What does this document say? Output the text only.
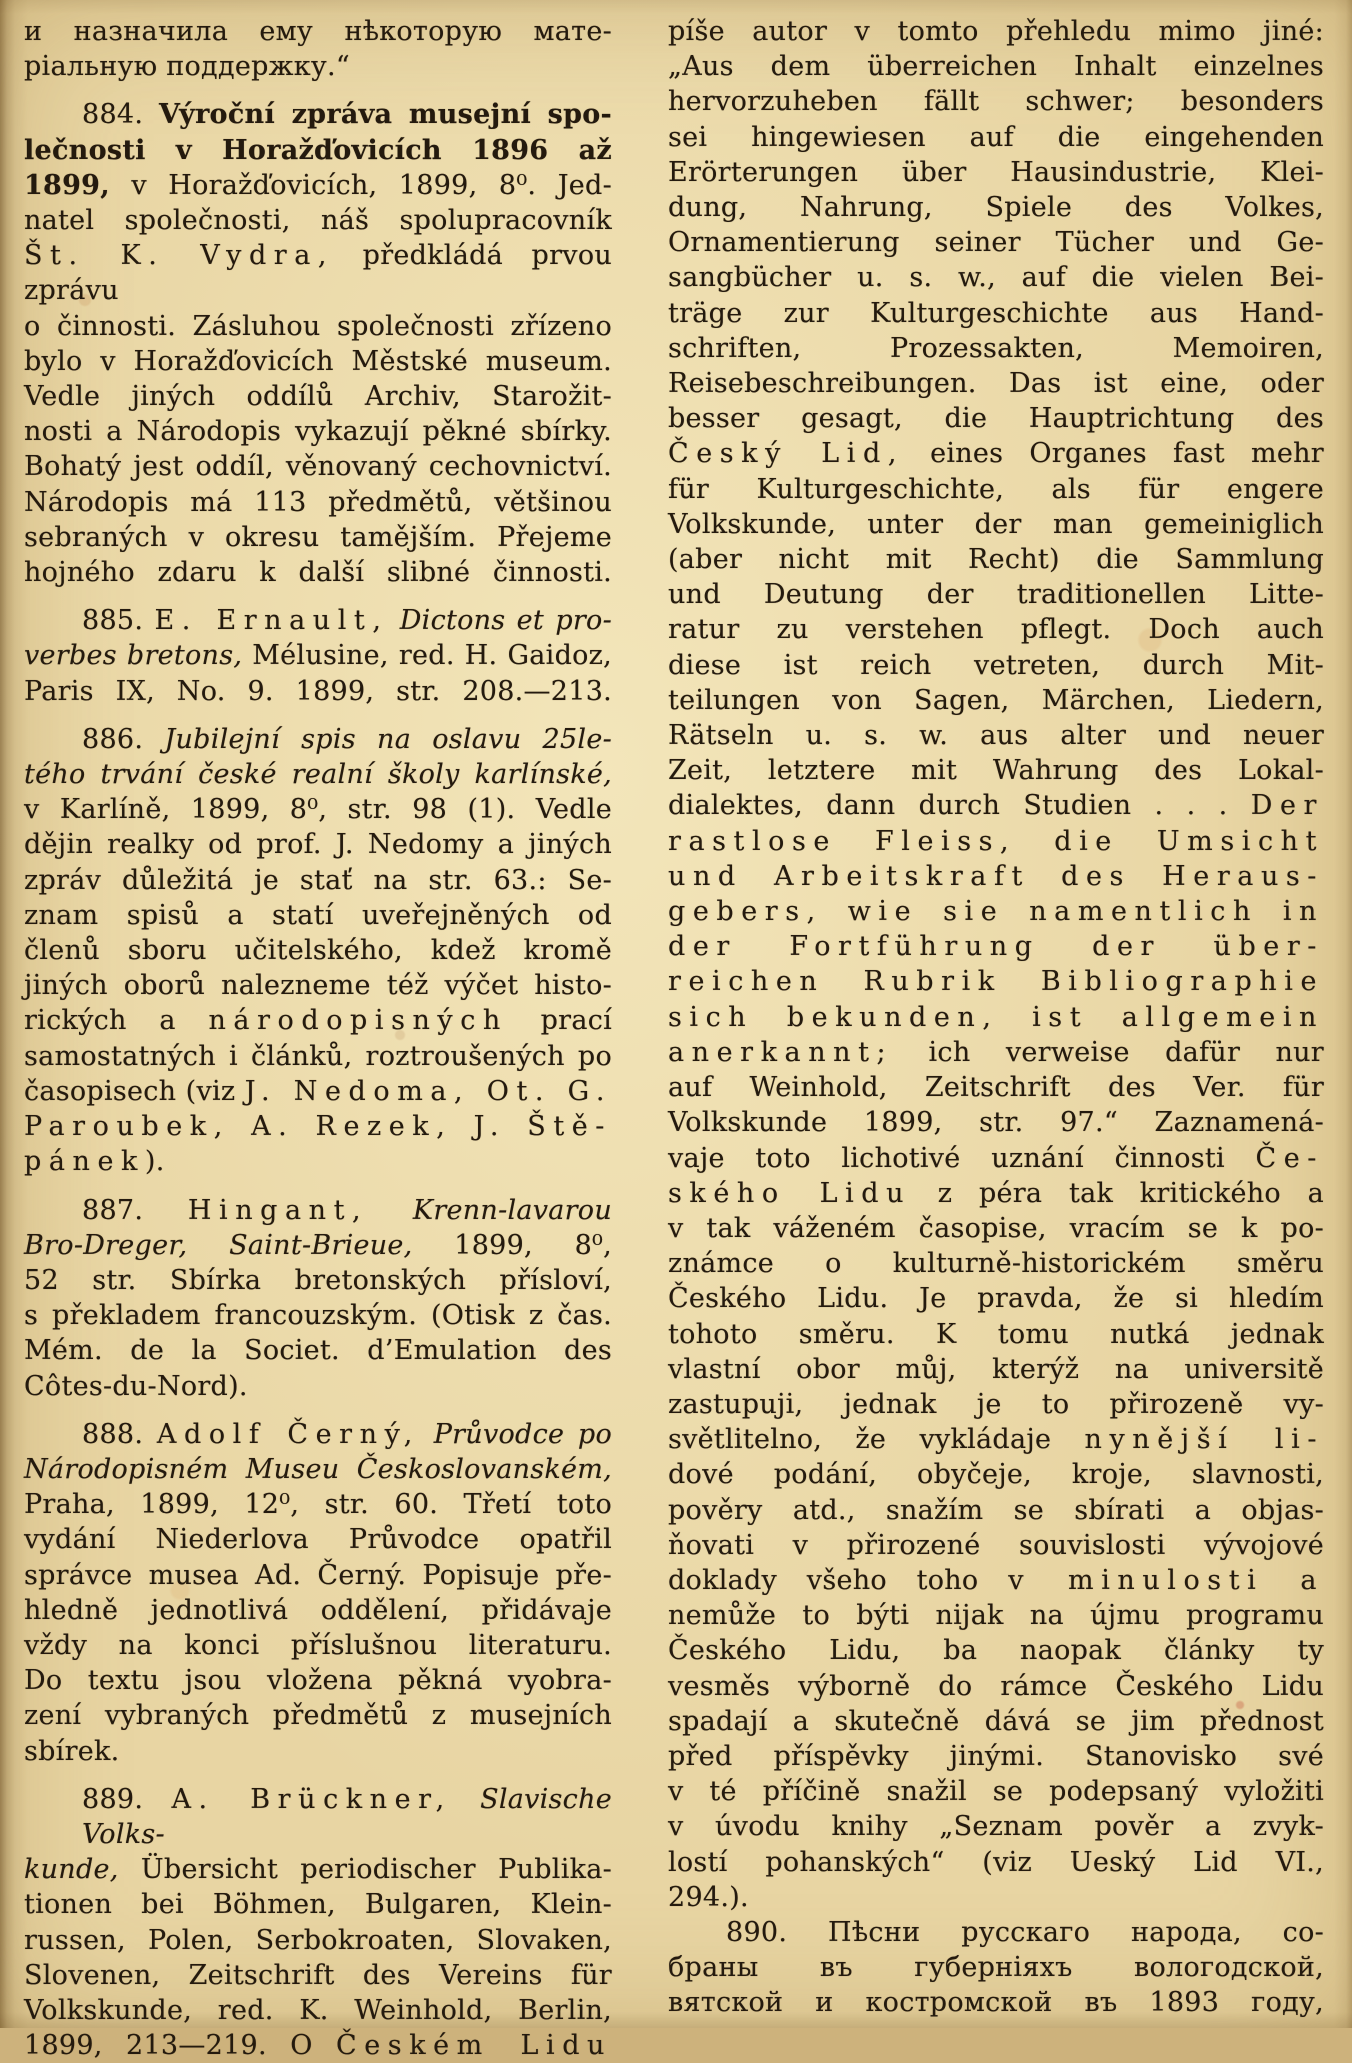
и назначила ему нѣкоторую мате-
ріальную поддержку.“
884. Výroční zpráva musejní spo-
lečnosti v Horažďovicích 1896 až
1899, v Horažďovicích, 1899, 8⁰. Jed-
natel společnosti, náš spolupracovník
Št. K. Vydra, předkládá prvou zprávu
o činnosti. Zásluhou společnosti zřízeno
bylo v Horažďovicích Městské museum.
Vedle jiných oddílů Archiv, Starožit-
nosti a Národopis vykazují pěkné sbírky.
Bohatý jest oddíl, věnovaný cechovnictví.
Národopis má 113 předmětů, většinou
sebraných v okresu tamějším. Přejeme
hojného zdaru k další slibné činnosti.
885. E. Ernault, Dictons et pro-
verbes bretons, Mélusine, red. H. Gaidoz,
Paris IX, No. 9. 1899, str. 208.—213.
886. Jubilejní spis na oslavu 25le-
tého trvání české realní školy karlínské,
v Karlíně, 1899, 8⁰, str. 98 (1). Vedle
dějin realky od prof. J. Nedomy a jiných
zpráv důležitá je stať na str. 63.: Se-
znam spisů a statí uveřejněných od
členů sboru učitelského, kdež kromě
jiných oborů nalezneme též výčet histo-
rických a národopisných prací
samostatných i článků, roztroušených po
časopisech (viz J. Nedoma, Ot. G.
Paroubek, A. Rezek, J. Ště-
pánek).
887. Hingant, Krenn-lavarou
Bro-Dreger, Saint-Brieue, 1899, 8⁰,
52 str. Sbírka bretonských přísloví,
s překladem francouzským. (Otisk z čas.
Mém. de la Societ. d’Emulation des
Côtes-du-Nord).
888. Adolf Černý, Průvodce po
Národopisném Museu Českoslovanském,
Praha, 1899, 12⁰, str. 60. Třetí toto
vydání Niederlova Průvodce opatřil
správce musea Ad. Černý. Popisuje pře-
hledně jednotlivá oddělení, přidávaje
vždy na konci příslušnou literaturu.
Do textu jsou vložena pěkná vyobra-
zení vybraných předmětů z musejních
sbírek.
889. A. Brückner, Slavische Volks-
kunde, Übersicht periodischer Publika-
tionen bei Böhmen, Bulgaren, Klein-
russen, Polen, Serbokroaten, Slovaken,
Slovenen, Zeitschrift des Vereins für
Volkskunde, red. K. Weinhold, Berlin,
1899, 213—219. O Českém Lidu
píše autor v tomto přehledu mimo jiné:
„Aus dem überreichen Inhalt einzelnes
hervorzuheben fällt schwer; besonders
sei hingewiesen auf die eingehenden
Erörterungen über Hausindustrie, Klei-
dung, Nahrung, Spiele des Volkes,
Ornamentierung seiner Tücher und Ge-
sangbücher u. s. w., auf die vielen Bei-
träge zur Kulturgeschichte aus Hand-
schriften, Prozessakten, Memoiren,
Reisebeschreibungen. Das ist eine, oder
besser gesagt, die Hauptrichtung des
Český Lid, eines Organes fast mehr
für Kulturgeschichte, als für engere
Volkskunde, unter der man gemeiniglich
(aber nicht mit Recht) die Sammlung
und Deutung der traditionellen Litte-
ratur zu verstehen pflegt. Doch auch
diese ist reich vetreten, durch Mit-
teilungen von Sagen, Märchen, Liedern,
Rätseln u. s. w. aus alter und neuer
Zeit, letztere mit Wahrung des Lokal-
dialektes, dann durch Studien . . . Der
rastlose Fleiss, die Umsicht
und Arbeitskraft des Heraus-
gebers, wie sie namentlich in
der Fortführung der über-
reichen Rubrik Bibliographie
sich bekunden, ist allgemein
anerkannt; ich verweise dafür nur
auf Weinhold, Zeitschrift des Ver. für
Volkskunde 1899, str. 97.“ Zaznamená-
vaje toto lichotivé uznání činnosti Če-
ského Lidu z péra tak kritického a
v tak váženém časopise, vracím se k po-
známce o kulturně-historickém směru
Českého Lidu. Je pravda, že si hledím
tohoto směru. K tomu nutká jednak
vlastní obor můj, kterýž na universitě
zastupuji, jednak je to přirozeně vy-
světlitelno, že vykládaje nynější li-
dové podání, obyčeje, kroje, slavnosti,
pověry atd., snažím se sbírati a objas-
ňovati v přirozené souvislosti vývojové
doklady všeho toho v minulosti a
nemůže to býti nijak na újmu programu
Českého Lidu, ba naopak články ty
vesměs výborně do rámce Českého Lidu
spadají a skutečně dává se jim přednost
před příspěvky jinými. Stanovisko své
v té příčině snažil se podepsaný vyložiti
v úvodu knihy „Seznam pověr a zvyk-
lostí pohanských“ (viz Ueský Lid VI.,
294.).
890. Пѣсни русскаго народа, со-
браны въ губерніяхъ вологодской,
вятской и костромской въ 1893 году,
